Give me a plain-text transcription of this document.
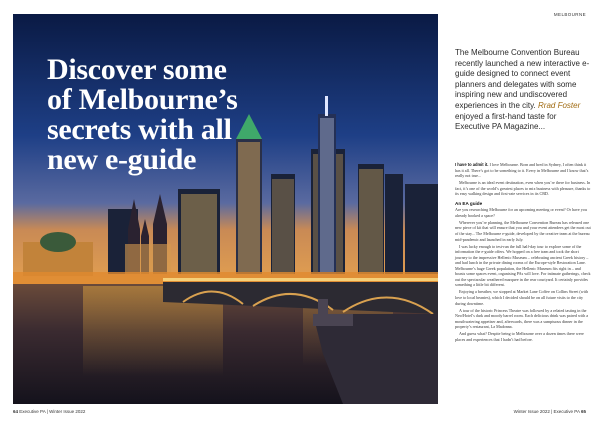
Discover some
of Melbourne’s
secrets with all
new e-guide
MELBOURNE
The Melbourne Convention Bureau recently launched a new interactive e-guide designed to connect event planners and delegates with some inspiring new and undiscovered experiences in the city. Rrad Foster enjoyed a first-hand taste for Executive PA Magazine...

I have to admit it. I love Melbourne. Born and bred in Sydney, I often think it has it all. There’s got to be something to it. Every in Melbourne and I know that’s really not true...

Melbourne is an ideal event destination, even when you’re there for business. In fact, it’s one of the world’s greatest places to mix business with pleasure, thanks to its easy walking design and first-rate services in its CBD.

An EA guide

Are you researching Melbourne for an upcoming meeting or event? Or have you already booked a space?

Wherever you’re planning, the Melbourne Convention Bureau has released one new piece of kit that will ensure that you and your event attendees get the most out of the stay... The Melbourne e-guide, developed by the creative team at the bureau mid-pandemic and launched in early July.

I was lucky enough to test-run the full half-day tour to explore some of the information the e-guide offers. We hopped on a free tram and took the short journey to the impressive Hellenic Museum – celebrating ancient Greek history – and had lunch in the private dining rooms of the Europe-style Restoration Lane. Melbourne’s huge Greek population, the Hellenic Museum fits right in – and boasts some spaces event, organising PAs will love. For intimate gatherings, check out the spectacular weathered marquee in the rear courtyard. It certainly provides something a little bit different.

Enjoying a breather, we stopped at Market Lane Coffee on Collins Street (with love to local beanies), which I decided should be on all future visits to the city during downtime.

A tour of the historic Princess Theatre was followed by a related tasting in the Neo/Hotel’s dark and moody barrel room. Each delicious drink was paired with a mouthwatering appetiser and, afterwards, there was a sumptuous dinner in the property’s restaurant, La Madonna.

And guess what? Despite being to Melbourne over a dozen times there were places and experiences that I hadn’t had before.

64 Executive PA | Winter Issue 2022	Winter Issue 2022 | Executive PA 65
